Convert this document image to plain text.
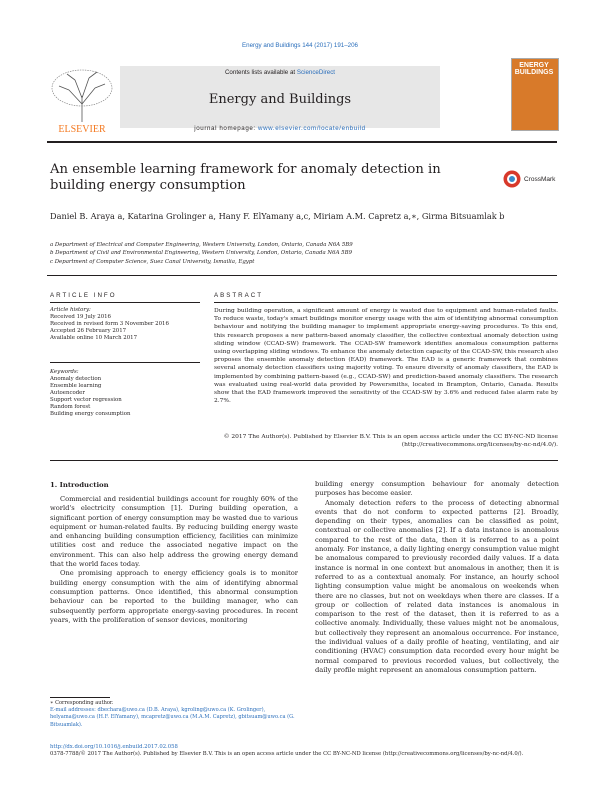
Energy and Buildings 144 (2017) 191–206
ELSEVIER
Contents lists available at ScienceDirect
Energy and Buildings
journal homepage: www.elsevier.com/locate/enbuild
ENERGY BUILDINGS
An ensemble learning framework for anomaly detection in building energy consumption	CrossMark
Daniel B. Araya a, Katarina Grolinger a, Hany F. ElYamany a,c, Miriam A.M. Capretz a,∗, Girma Bitsuamlak b
a Department of Electrical and Computer Engineering, Western University, London, Ontario, Canada N6A 5B9
b Department of Civil and Environmental Engineering, Western University, London, Ontario, Canada N6A 5B9
c Department of Computer Science, Suez Canal University, Ismailia, Egypt
ARTICLE INFO
Article history:
Received 19 July 2016
Received in revised form 3 November 2016
Accepted 26 February 2017
Available online 10 March 2017
Keywords:
Anomaly detection
Ensemble learning
Autoencoder
Support vector regression
Random forest
Building energy consumption
ABSTRACT
During building operation, a significant amount of energy is wasted due to equipment and human-related faults. To reduce waste, today's smart buildings monitor energy usage with the aim of identifying abnormal consumption behaviour and notifying the building manager to implement appropriate energy-saving procedures. To this end, this research proposes a new pattern-based anomaly classifier, the collective contextual anomaly detection using sliding window (CCAD-SW) framework. The CCAD-SW framework identifies anomalous consumption patterns using overlapping sliding windows. To enhance the anomaly detection capacity of the CCAD-SW, this research also proposes the ensemble anomaly detection (EAD) framework. The EAD is a generic framework that combines several anomaly detection classifiers using majority voting. To ensure diversity of anomaly classifiers, the EAD is implemented by combining pattern-based (e.g., CCAD-SW) and prediction-based anomaly classifiers. The research was evaluated using real-world data provided by Powersmiths, located in Brampton, Ontario, Canada. Results show that the EAD framework improved the sensitivity of the CCAD-SW by 3.6% and reduced false alarm rate by 2.7%.
© 2017 The Author(s). Published by Elsevier B.V. This is an open access article under the CC BY-NC-ND license (http://creativecommons.org/licenses/by-nc-nd/4.0/).
1. Introduction

Commercial and residential buildings account for roughly 60% of the world's electricity consumption [1]. During building operation, a significant portion of energy consumption may be wasted due to various equipment or human-related faults. By reducing building energy waste and enhancing building consumption efficiency, facilities can minimize utilities cost and reduce the associated negative impact on the environment. This can also help address the growing energy demand that the world faces today.

One promising approach to energy efficiency goals is to monitor building energy consumption with the aim of identifying abnormal consumption patterns. Once identified, this abnormal consumption behaviour can be reported to the building manager, who can subsequently perform appropriate energy-saving procedures. In recent years, with the proliferation of sensor devices, monitoring

building energy consumption behaviour for anomaly detection purposes has become easier.

Anomaly detection refers to the process of detecting abnormal events that do not conform to expected patterns [2]. Broadly, depending on their types, anomalies can be classified as point, contextual or collective anomalies [2]. If a data instance is anomalous compared to the rest of the data, then it is referred to as a point anomaly. For instance, a daily lighting energy consumption value might be anomalous compared to previously recorded daily values. If a data instance is normal in one context but anomalous in another, then it is referred to as a contextual anomaly. For instance, an hourly school lighting consumption value might be anomalous on weekends when there are no classes, but not on weekdays when there are classes. If a group or collection of related data instances is anomalous in comparison to the rest of the dataset, then it is referred to as a collective anomaly. Individually, these values might not be anomalous, but collectively they represent an anomalous occurrence. For instance, the individual values of a daily profile of heating, ventilating, and air conditioning (HVAC) consumption data recorded every hour might be normal compared to previous recorded values, but collectively, the daily profile might represent an anomalous consumption pattern.

∗ Corresponding author.
E-mail addresses: dbechara@uwo.ca (D.B. Araya), kgroling@uwo.ca (K. Grolinger), helyama@uwo.ca (H.F. ElYamany), mcapretz@uwo.ca (M.A.M. Capretz), gbitsuam@uwo.ca (G. Bitsuamlak).
http://dx.doi.org/10.1016/j.enbuild.2017.02.058
0378-7788/© 2017 The Author(s). Published by Elsevier B.V. This is an open access article under the CC BY-NC-ND license (http://creativecommons.org/licenses/by-nc-nd/4.0/).
